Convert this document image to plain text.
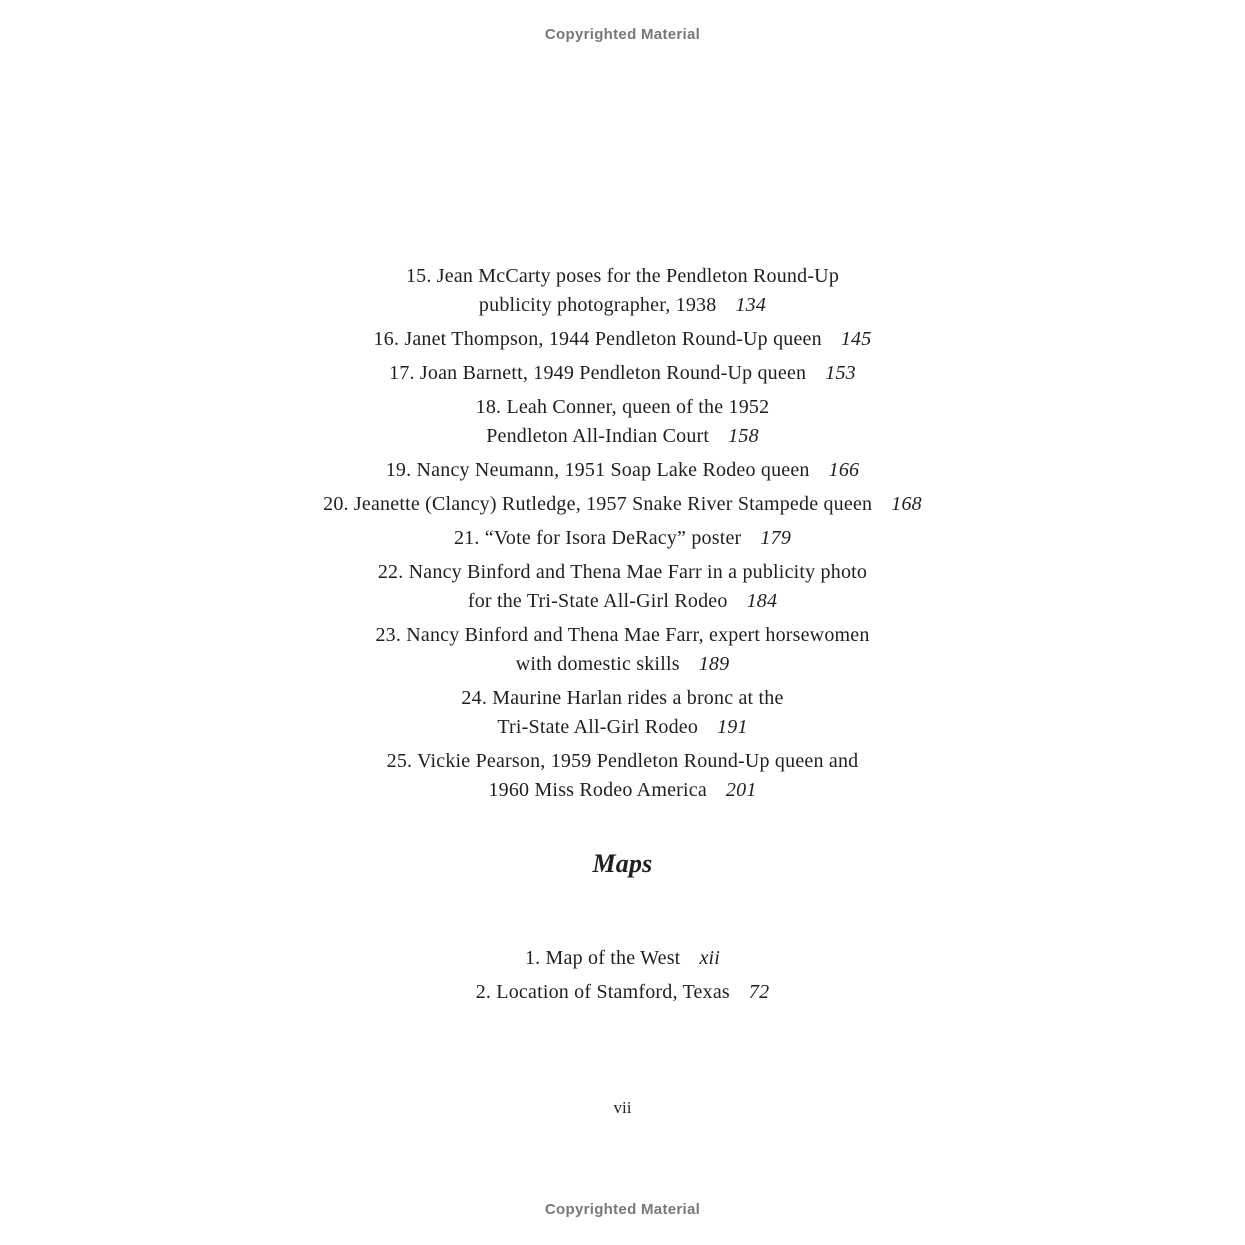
Copyrighted Material
15. Jean McCarty poses for the Pendleton Round-Up
publicity photographer, 1938 134
16. Janet Thompson, 1944 Pendleton Round-Up queen 145
17. Joan Barnett, 1949 Pendleton Round-Up queen 153
18. Leah Conner, queen of the 1952
Pendleton All-Indian Court 158
19. Nancy Neumann, 1951 Soap Lake Rodeo queen 166
20. Jeanette (Clancy) Rutledge, 1957 Snake River Stampede queen 168
21. “Vote for Isora DeRacy” poster 179
22. Nancy Binford and Thena Mae Farr in a publicity photo
for the Tri-State All-Girl Rodeo 184
23. Nancy Binford and Thena Mae Farr, expert horsewomen
with domestic skills 189
24. Maurine Harlan rides a bronc at the
Tri-State All-Girl Rodeo 191
25. Vickie Pearson, 1959 Pendleton Round-Up queen and
1960 Miss Rodeo America 201
Maps
1. Map of the West xii
2. Location of Stamford, Texas 72
vii
Copyrighted Material
